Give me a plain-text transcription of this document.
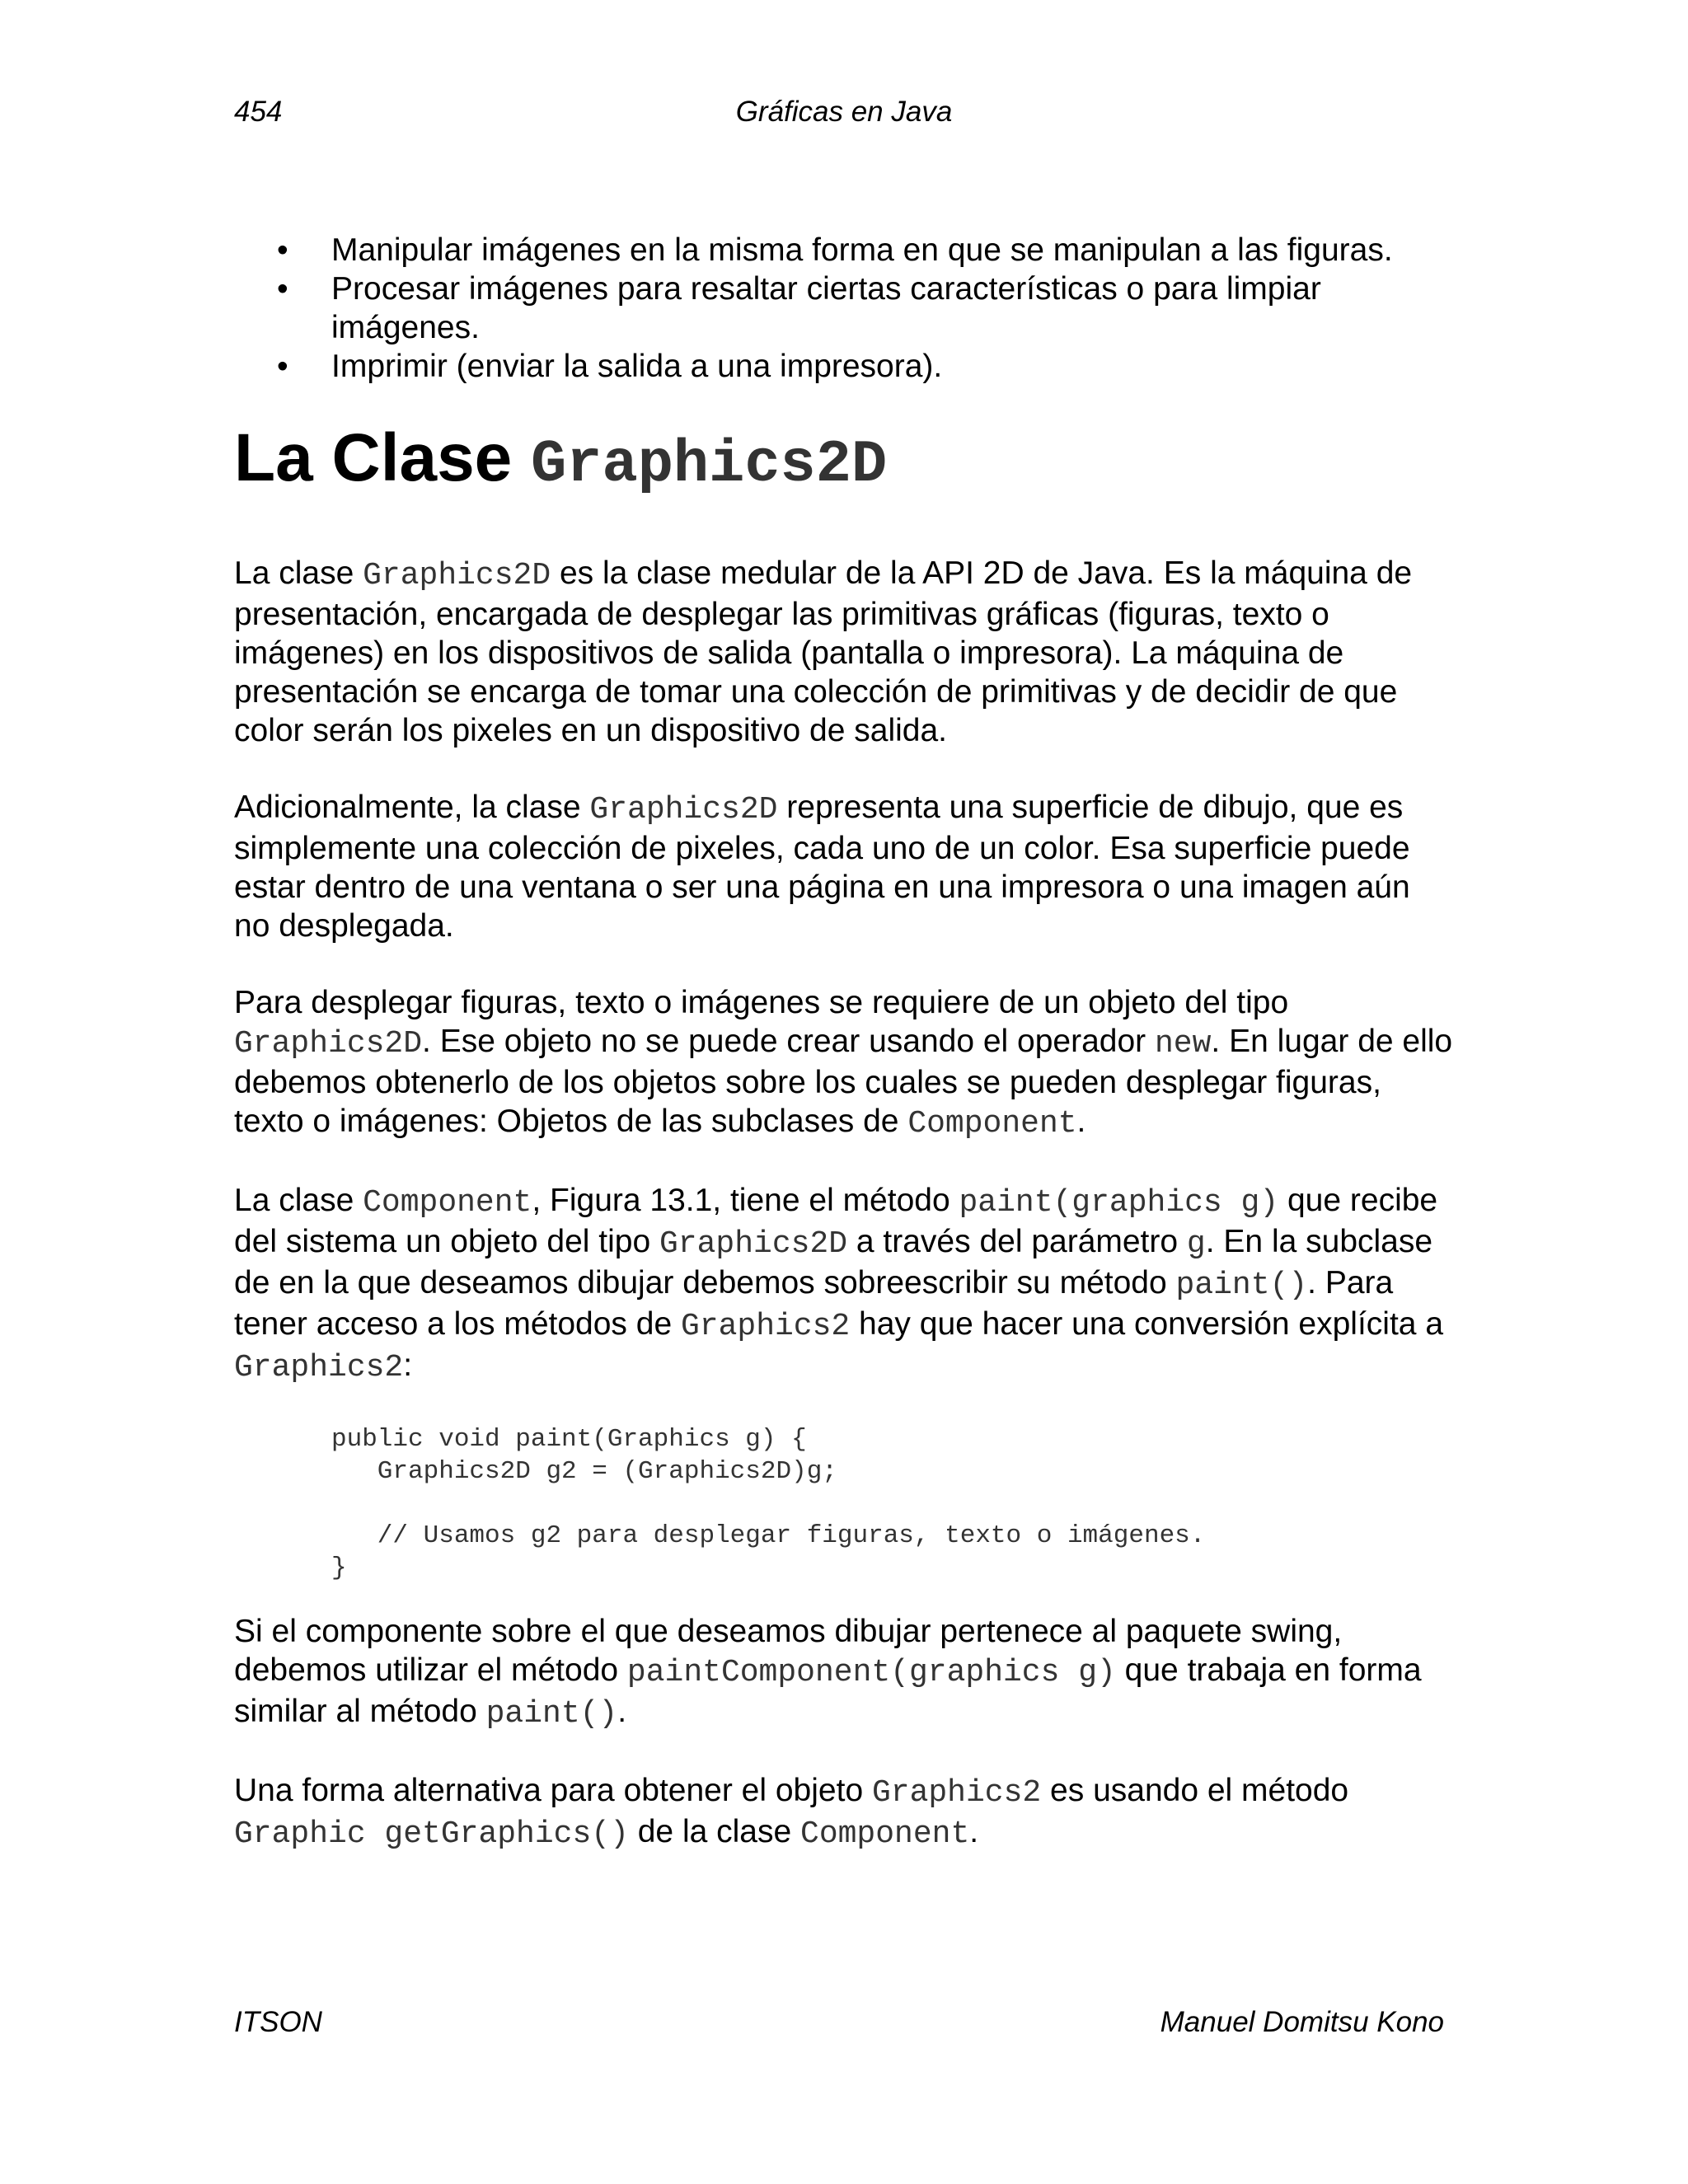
454	Gráficas en Java
• Manipular imágenes en la misma forma en que se manipulan a las figuras.
• Procesar imágenes para resaltar ciertas características o para limpiar
imágenes.
• Imprimir (enviar la salida a una impresora).
La Clase Graphics2D

La clase Graphics2D es la clase medular de la API 2D de Java. Es la máquina de presentación, encargada de desplegar las primitivas gráficas (figuras, texto o imágenes) en los dispositivos de salida (pantalla o impresora). La máquina de presentación se encarga de tomar una colección de primitivas y de decidir de que color serán los pixeles en un dispositivo de salida.

Adicionalmente, la clase Graphics2D representa una superficie de dibujo, que es simplemente una colección de pixeles, cada uno de un color. Esa superficie puede estar dentro de una ventana o ser una página en una impresora o una imagen aún no desplegada.

Para desplegar figuras, texto o imágenes se requiere de un objeto del tipo Graphics2D. Ese objeto no se puede crear usando el operador new. En lugar de ello debemos obtenerlo de los objetos sobre los cuales se pueden desplegar figuras, texto o imágenes: Objetos de las subclases de Component.

La clase Component, Figura 13.1, tiene el método paint(graphics g) que recibe del sistema un objeto del tipo Graphics2D a través del parámetro g. En la subclase de en la que deseamos dibujar debemos sobreescribir su método paint(). Para tener acceso a los métodos de Graphics2 hay que hacer una conversión explícita a Graphics2:

public void paint(Graphics g) {
Graphics2D g2 = (Graphics2D)g;

// Usamos g2 para desplegar figuras, texto o imágenes.
}

Si el componente sobre el que deseamos dibujar pertenece al paquete swing, debemos utilizar el método paintComponent(graphics g) que trabaja en forma similar al método paint().

Una forma alternativa para obtener el objeto Graphics2 es usando el método Graphic getGraphics() de la clase Component.

ITSON	Manuel Domitsu Kono
